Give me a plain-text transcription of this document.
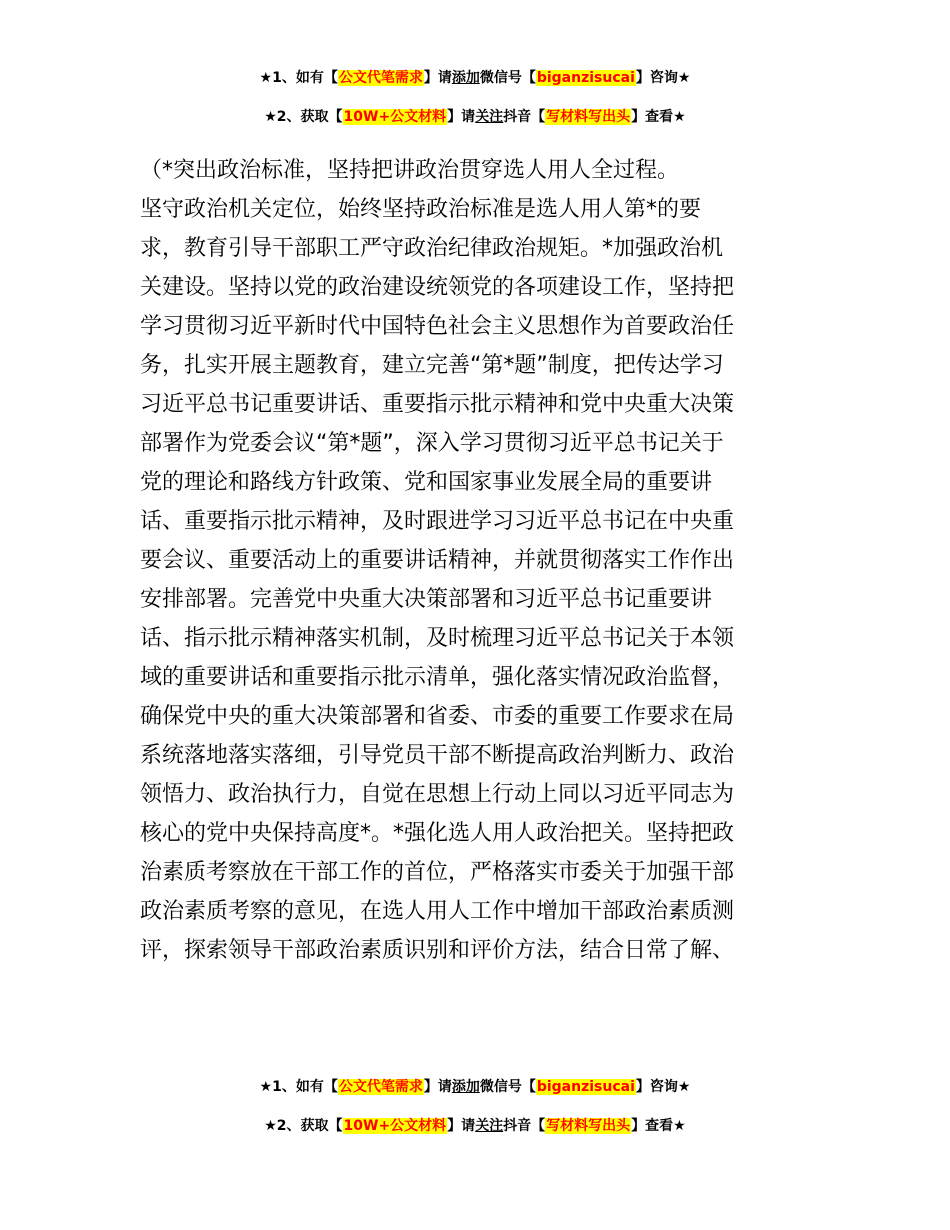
★1、如有【公文代笔需求】请添加微信号【biganzisucai】咨询★
★2、获取【10W+公文材料】请关注抖音【写材料写出头】查看★
（*突出政治标准，坚持把讲政治贯穿选人用人全过程。
坚守政治机关定位，始终坚持政治标准是选人用人第*的要
求，教育引导干部职工严守政治纪律政治规矩。*加强政治机
关建设。坚持以党的政治建设统领党的各项建设工作，坚持把
学习贯彻习近平新时代中国特色社会主义思想作为首要政治任
务，扎实开展主题教育，建立完善“第*题”制度，把传达学习
习近平总书记重要讲话、重要指示批示精神和党中央重大决策
部署作为党委会议“第*题”，深入学习贯彻习近平总书记关于
党的理论和路线方针政策、党和国家事业发展全局的重要讲
话、重要指示批示精神，及时跟进学习习近平总书记在中央重
要会议、重要活动上的重要讲话精神，并就贯彻落实工作作出
安排部署。完善党中央重大决策部署和习近平总书记重要讲
话、指示批示精神落实机制，及时梳理习近平总书记关于本领
域的重要讲话和重要指示批示清单，强化落实情况政治监督，
确保党中央的重大决策部署和省委、市委的重要工作要求在局
系统落地落实落细，引导党员干部不断提高政治判断力、政治
领悟力、政治执行力，自觉在思想上行动上同以习近平同志为
核心的党中央保持高度*。*强化选人用人政治把关。坚持把政
治素质考察放在干部工作的首位，严格落实市委关于加强干部
政治素质考察的意见，在选人用人工作中增加干部政治素质测
评，探索领导干部政治素质识别和评价方法，结合日常了解、
★1、如有【公文代笔需求】请添加微信号【biganzisucai】咨询★
★2、获取【10W+公文材料】请关注抖音【写材料写出头】查看★
